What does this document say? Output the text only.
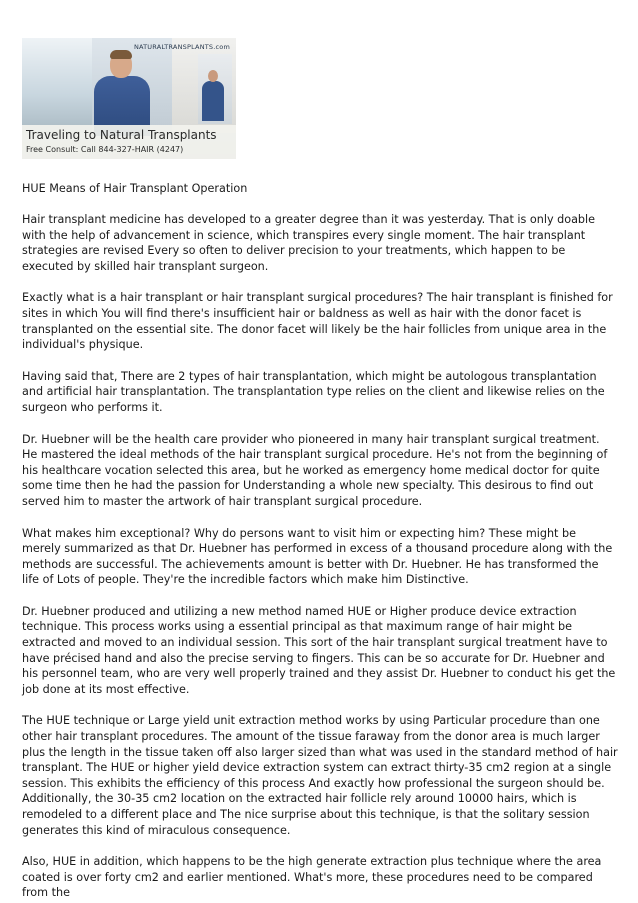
NATURALTRANSPLANTS.com
Traveling to Natural Transplants
Free Consult: Call 844-327-HAIR (4247)
HUE Means of Hair Transplant Operation

Hair transplant medicine has developed to a greater degree than it was yesterday. That is only doable with the help of advancement in science, which transpires every single moment. The hair transplant strategies are revised Every so often to deliver precision to your treatments, which happen to be executed by skilled hair transplant surgeon.

Exactly what is a hair transplant or hair transplant surgical procedures? The hair transplant is finished for sites in which You will find there's insufficient hair or baldness as well as hair with the donor facet is transplanted on the essential site. The donor facet will likely be the hair follicles from unique area in the individual's physique.

Having said that, There are 2 types of hair transplantation, which might be autologous transplantation and artificial hair transplantation. The transplantation type relies on the client and likewise relies on the surgeon who performs it.

Dr. Huebner will be the health care provider who pioneered in many hair transplant surgical treatment. He mastered the ideal methods of the hair transplant surgical procedure. He's not from the beginning of his healthcare vocation selected this area, but he worked as emergency home medical doctor for quite some time then he had the passion for Understanding a whole new specialty. This desirous to find out served him to master the artwork of hair transplant surgical procedure.

What makes him exceptional? Why do persons want to visit him or expecting him? These might be merely summarized as that Dr. Huebner has performed in excess of a thousand procedure along with the methods are successful. The achievements amount is better with Dr. Huebner. He has transformed the life of Lots of people. They're the incredible factors which make him Distinctive.

Dr. Huebner produced and utilizing a new method named HUE or Higher produce device extraction technique. This process works using a essential principal as that maximum range of hair might be extracted and moved to an individual session. This sort of the hair transplant surgical treatment have to have précised hand and also the precise serving to fingers. This can be so accurate for Dr. Huebner and his personnel team, who are very well properly trained and they assist Dr. Huebner to conduct his get the job done at its most effective.

The HUE technique or Large yield unit extraction method works by using Particular procedure than one other hair transplant procedures. The amount of the tissue faraway from the donor area is much larger plus the length in the tissue taken off also larger sized than what was used in the standard method of hair transplant. The HUE or higher yield device extraction system can extract thirty-35 cm2 region at a single session. This exhibits the efficiency of this process And exactly how professional the surgeon should be. Additionally, the 30-35 cm2 location on the extracted hair follicle rely around 10000 hairs, which is remodeled to a different place and The nice surprise about this technique, is that the solitary session generates this kind of miraculous consequence.

Also, HUE in addition, which happens to be the high generate extraction plus technique where the area coated is over forty cm2 and earlier mentioned. What's more, these procedures need to be compared from the
